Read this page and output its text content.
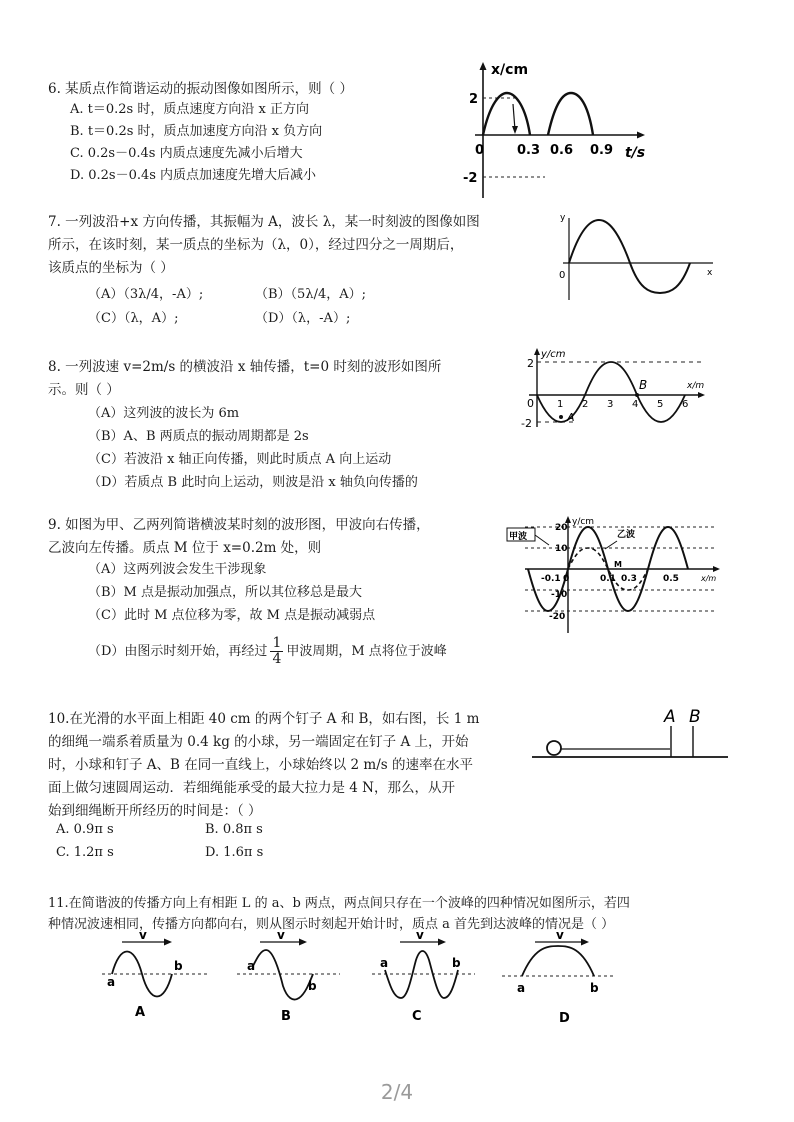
6. 某质点作简谐运动的振动图像如图所示，则（ ）
A. t＝0.2s 时，质点速度方向沿 x 正方向
B. t＝0.2s 时，质点加速度方向沿 x 负方向
C. 0.2s－0.4s 内质点速度先减小后增大
D. 0.2s－0.4s 内质点加速度先增大后减小
x/cm
2
-2
0	0.3 0.6 0.9 t/s
7. 一列波沿+x 方向传播，其振幅为 A，波长 λ，某一时刻波的图像如图
所示，在该时刻，某一质点的坐标为（λ，0），经过四分之一周期后，
该质点的坐标为（ ）
（A）（3λ/4，-A）;	（B）（5λ/4，A）;
（C）（λ，A）;	（D）（λ，-A）;
y
0	x
8. 一列波速 v=2m/s 的横波沿 x 轴传播，t=0 时刻的波形如图所
示。则（ ）
（A）这列波的波长为 6m
（B）A、B 两质点的振动周期都是 2s
（C）若波沿 x 轴正向传播，则此时质点 A 向上运动
（D）若质点 B 此时向上运动，则波是沿 x 轴负向传播的
y/cm
2
-2
0 1 2 3 4 5 6
A
B	x/m
9. 如图为甲、乙两列简谐横波某时刻的波形图，甲波向右传播，
乙波向左传播。质点 M 位于 x=0.2m 处，则
（A）这两列波会发生干涉现象
（B）M 点是振动加强点，所以其位移总是最大
（C）此时 M 点位移为零，故 M 点是振动减弱点
（D）由图示时刻开始，再经过 $\frac{1}{4}$ 甲波周期，M 点将位于波峰
甲波	乙波
y/cm
20
10
-10
-20
-0.1 0	0.1 0.3	0.5	x/m
M
10.在光滑的水平面上相距 40 cm 的两个钉子 A 和 B，如右图，长 1 m
的细绳一端系着质量为 0.4 kg 的小球，另一端固定在钉子 A 上，开始
时，小球和钉子 A、B 在同一直线上，小球始终以 2 m/s 的速率在水平
面上做匀速圆周运动．若细绳能承受的最大拉力是 4 N，那么，从开
始到细绳断开所经历的时间是：（ ）
A. 0.9π s	B. 0.8π s
C. 1.2π s	D. 1.6π s
A B
11.在简谐波的传播方向上有相距 L 的 a、b 两点，两点间只存在一个波峰的四种情况如图所示，若四
种情况波速相同，传播方向都向右，则从图示时刻起开始计时，质点 a 首先到达波峰的情况是（ ）
v
a
b
A
v
a
b
B
v
a	b
C
v
a	b
D
2/4
